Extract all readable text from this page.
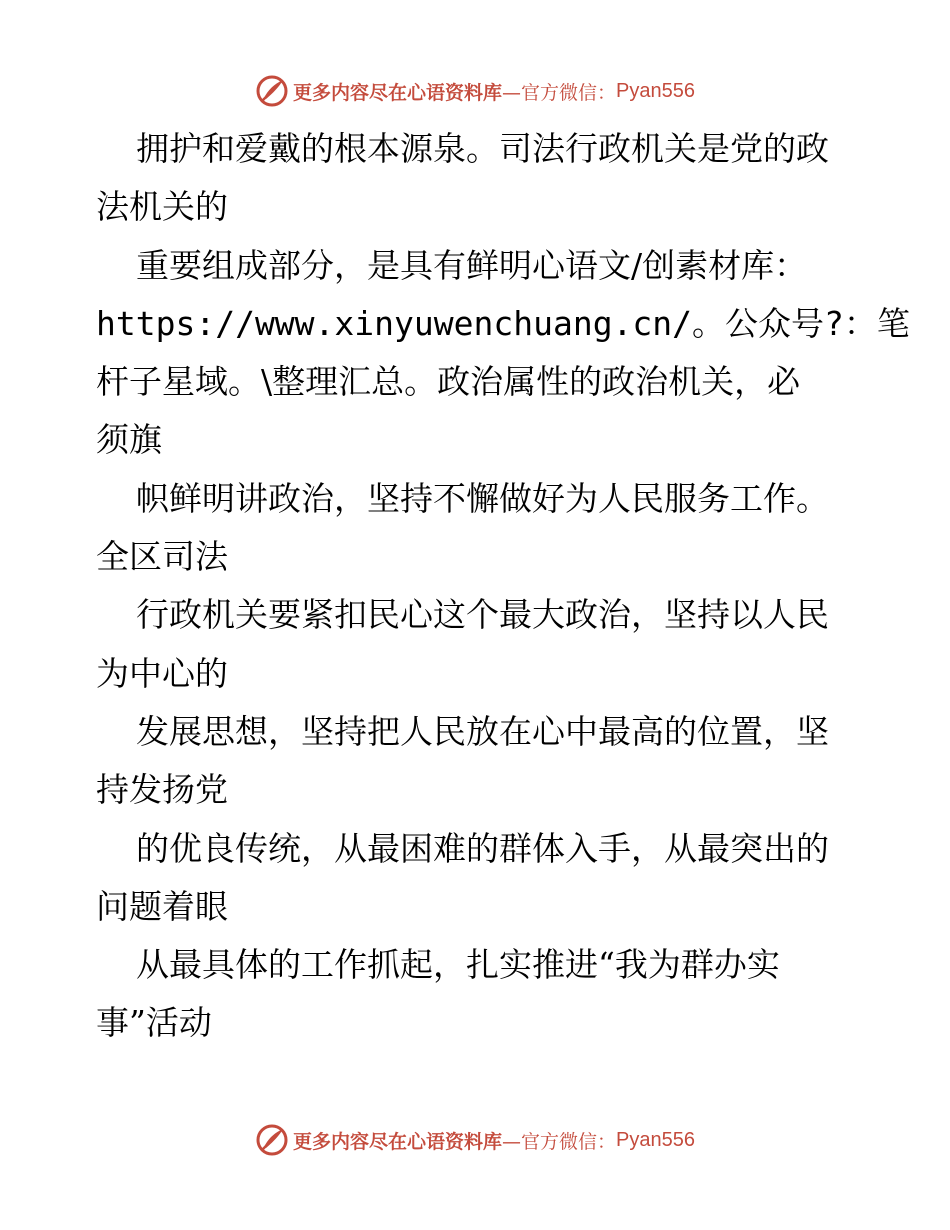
更多内容尽在心语资料库 —官方微信： Pyan556
拥护和爱戴的根本源泉。司法行政机关是党的政
法机关的
重要组成部分，是具有鲜明心语文/创素材库：
https://www.xinyuwenchuang.cn/。公众号?：笔
杆子星域。\整理汇总。政治属性的政治机关，必
须旗
帜鲜明讲政治，坚持不懈做好为人民服务工作。
全区司法
行政机关要紧扣民心这个最大政治，坚持以人民
为中心的
发展思想，坚持把人民放在心中最高的位置，坚
持发扬党
的优良传统，从最困难的群体入手，从最突出的
问题着眼
从最具体的工作抓起，扎实推进“我为群办实
事”活动
更多内容尽在心语资料库 —官方微信： Pyan556
